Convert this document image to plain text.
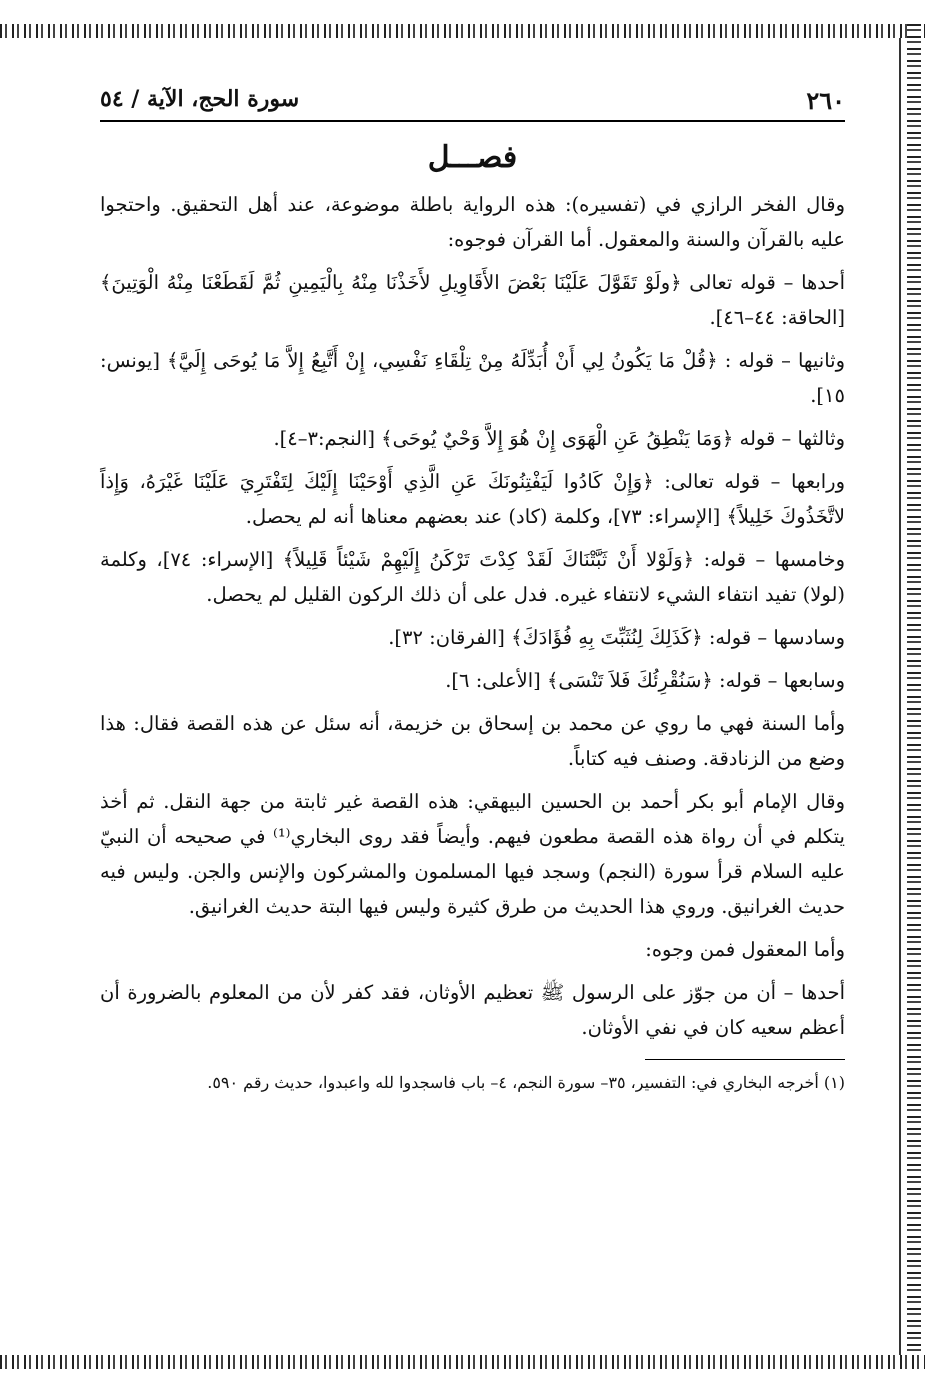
٢٦٠
سورة الحج، الآية / ٥٤
فصـــل

وقال الفخر الرازي في (تفسيره): هذه الرواية باطلة موضوعة، عند أهل التحقيق. واحتجوا عليه بالقرآن والسنة والمعقول. أما القرآن فوجوه:

أحدها – قوله تعالى ﴿ولَوْ تَقَوَّلَ عَلَيْنَا بَعْضَ الأَقَاوِيلِ لأَخَذْنَا مِنْهُ بِالْيَمِينِ ثُمَّ لَقَطَعْنَا مِنْهُ الْوَتِينَ﴾ [الحاقة: ٤٤–٤٦].

وثانيها – قوله : ﴿قُلْ مَا يَكُونُ لِي أَنْ أُبَدِّلَهُ مِنْ تِلْقَاءِ نَفْسِي، إِنْ أَتَّبِعُ إِلاَّ مَا يُوحَى إِلَيَّ﴾ [يونس: ١٥].

وثالثها – قوله ﴿وَمَا يَنْطِقُ عَنِ الْهَوَى إِنْ هُوَ إِلاَّ وَحْيٌ يُوحَى﴾ [النجم:٣–٤].

ورابعها – قوله تعالى: ﴿وَإِنْ كَادُوا لَيَفْتِنُونَكَ عَنِ الَّذِي أَوْحَيْنَا إِلَيْكَ لِتَفْتَرِيَ عَلَيْنَا غَيْرَهُ، وَإِذاً لاتَّخَذُوكَ خَلِيلاً﴾ [الإسراء: ٧٣]، وكلمة (كاد) عند بعضهم معناها أنه لم يحصل.

وخامسها – قوله: ﴿وَلَوْلا أَنْ ثَبَّتْنَاكَ لَقَدْ كِدْتَ تَرْكَنُ إِلَيْهِمْ شَيْئاً قَلِيلاً﴾ [الإسراء: ٧٤]، وكلمة (لولا) تفيد انتفاء الشيء لانتفاء غيره. فدل على أن ذلك الركون القليل لم يحصل.

وسادسها – قوله: ﴿كَذَلِكَ لِنُثَبِّتَ بِهِ فُؤَادَكَ﴾ [الفرقان: ٣٢].

وسابعها – قوله: ﴿سَنُقْرِئُكَ فَلاَ تَنْسَى﴾ [الأعلى: ٦].

وأما السنة فهي ما روي عن محمد بن إسحاق بن خزيمة، أنه سئل عن هذه القصة فقال: هذا وضع من الزنادقة. وصنف فيه كتاباً.

وقال الإمام أبو بكر أحمد بن الحسين البيهقي: هذه القصة غير ثابتة من جهة النقل. ثم أخذ يتكلم في أن رواة هذه القصة مطعون فيهم. وأيضاً فقد روى البخاري⁽¹⁾ في صحيحه أن النبيّ عليه السلام قرأ سورة (النجم) وسجد فيها المسلمون والمشركون والإنس والجن. وليس فيه حديث الغرانيق. وروي هذا الحديث من طرق كثيرة وليس فيها البتة حديث الغرانيق.

وأما المعقول فمن وجوه:

أحدها – أن من جوّز على الرسول ﷺ تعظيم الأوثان، فقد كفر لأن من المعلوم بالضرورة أن أعظم سعيه كان في نفي الأوثان.

(١) أخرجه البخاري في: التفسير، ٣٥– سورة النجم، ٤– باب فاسجدوا لله واعبدوا، حديث رقم ٥٩٠.
